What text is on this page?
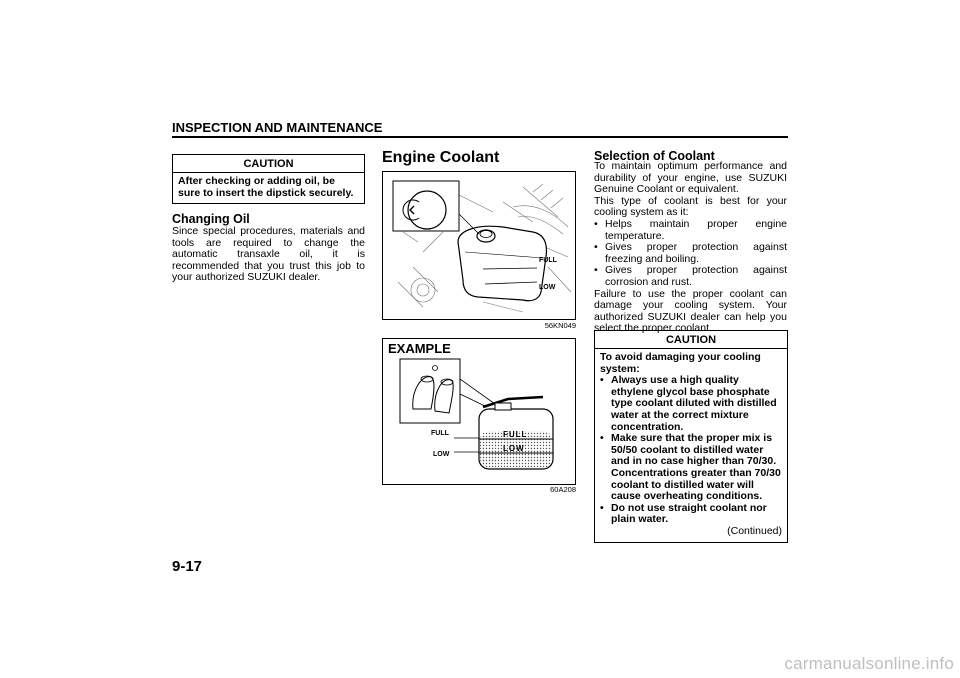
INSPECTION AND MAINTENANCE
CAUTION
After checking or adding oil, be sure to insert the dipstick securely.
Changing Oil
Since special procedures, materials and tools are required to change the automatic transaxle oil, it is recommended that you trust this job to your authorized SUZUKI dealer.
Engine Coolant
FULL
LOW
56KN049
EXAMPLE
FULL
LOW
FULL
LOW
60A208
Selection of Coolant
To maintain optimum performance and durability of your engine, use SUZUKI Genuine Coolant or equivalent.
This type of coolant is best for your cooling system as it:
• Helps maintain proper engine temperature.
• Gives proper protection against freezing and boiling.
• Gives proper protection against corrosion and rust.
Failure to use the proper coolant can damage your cooling system. Your authorized SUZUKI dealer can help you select the proper coolant.
CAUTION
To avoid damaging your cooling system:
• Always use a high quality ethylene glycol base phosphate type coolant diluted with distilled water at the correct mixture concentration.
• Make sure that the proper mix is 50/50 coolant to distilled water and in no case higher than 70/30. Concentrations greater than 70/30 coolant to distilled water will cause overheating conditions.
• Do not use straight coolant nor plain water.
(Continued)
9-17
carmanualsonline.info
